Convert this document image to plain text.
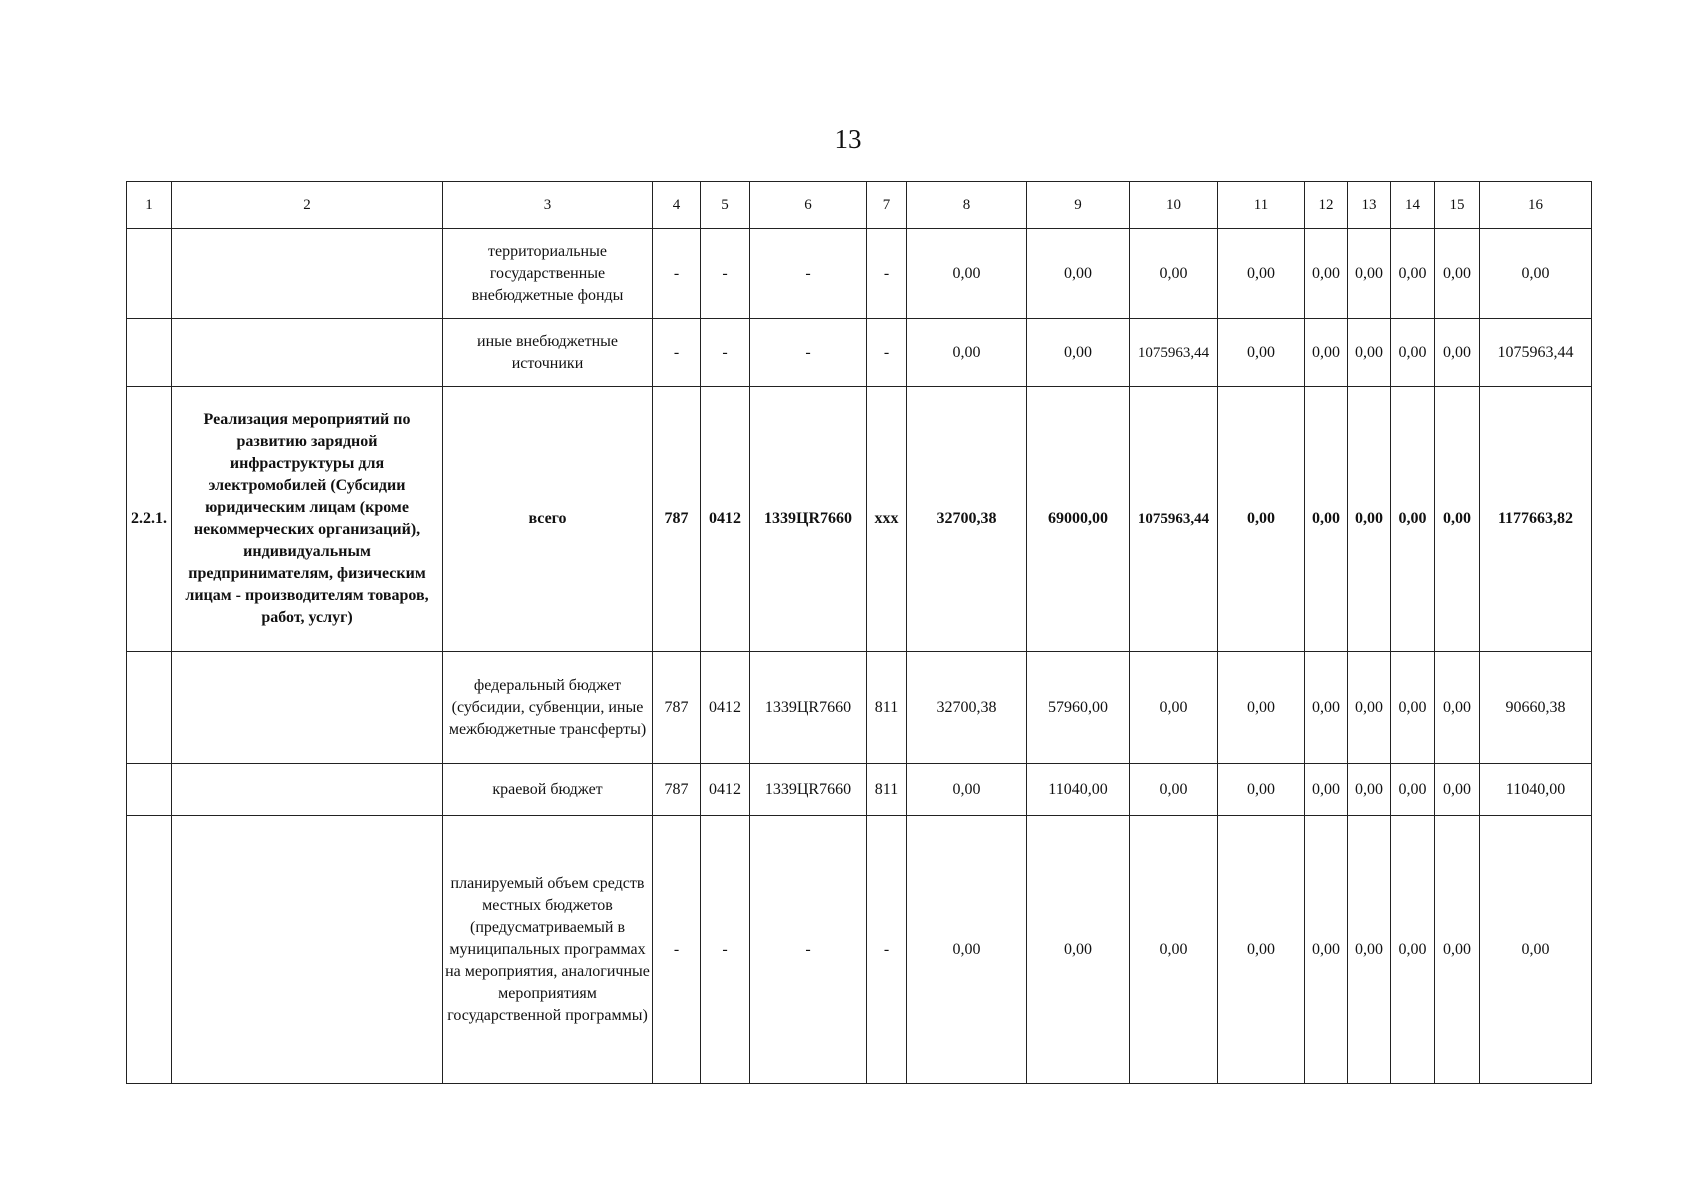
13
1	2	3	4	5	6	7	8	9	10	11	12	13	14	15	16
		территориальные государственные внебюджетные фонды	-	-	-	-	0,00	0,00	0,00	0,00	0,00	0,00	0,00	0,00	0,00
		иные внебюджетные источники	-	-	-	-	0,00	0,00	1075963,44	0,00	0,00	0,00	0,00	0,00	1075963,44
2.2.1.	Реализация мероприятий по развитию зарядной инфраструктуры для электромобилей (Субсидии юридическим лицам (кроме некоммерческих организаций), индивидуальным предпринимателям, физическим лицам - производителям товаров, работ, услуг)	всего	787	0412	1339ЦR7660	xxx	32700,38	69000,00	1075963,44	0,00	0,00	0,00	0,00	0,00	1177663,82
		федеральный бюджет (субсидии, субвенции, иные межбюджетные трансферты)	787	0412	1339ЦR7660	811	32700,38	57960,00	0,00	0,00	0,00	0,00	0,00	0,00	90660,38
		краевой бюджет	787	0412	1339ЦR7660	811	0,00	11040,00	0,00	0,00	0,00	0,00	0,00	0,00	11040,00
		планируемый объем средств местных бюджетов (предусматриваемый в муниципальных программах на мероприятия, аналогичные мероприятиям государственной программы)	-	-	-	-	0,00	0,00	0,00	0,00	0,00	0,00	0,00	0,00	0,00
